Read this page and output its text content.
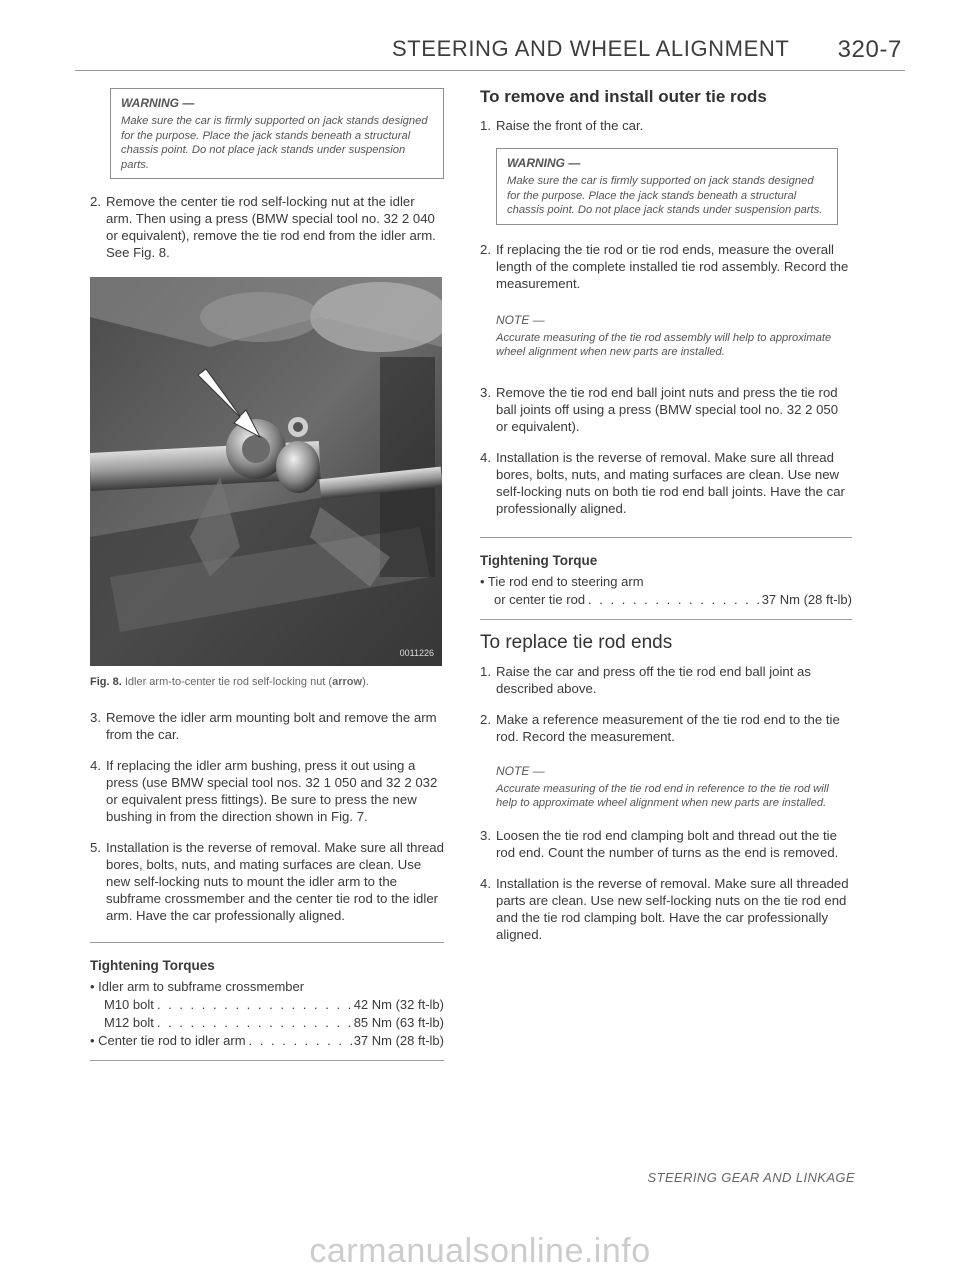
STEERING AND WHEEL ALIGNMENT 320-7
WARNING —
Make sure the car is firmly supported on jack stands designed for the purpose. Place the jack stands beneath a structural chassis point. Do not place jack stands under suspension parts.

2. Remove the center tie rod self-locking nut at the idler arm. Then using a press (BMW special tool no. 32 2 040 or equivalent), remove the tie rod end from the idler arm. See Fig. 8.

0011226
Fig. 8. Idler arm-to-center tie rod self-locking nut (arrow).

3. Remove the idler arm mounting bolt and remove the arm from the car.

4. If replacing the idler arm bushing, press it out using a press (use BMW special tool nos. 32 1 050 and 32 2 032 or equivalent press fittings). Be sure to press the new bushing in from the direction shown in Fig. 7.

5. Installation is the reverse of removal. Make sure all thread bores, bolts, nuts, and mating surfaces are clean. Use new self-locking nuts to mount the idler arm to the subframe crossmember and the center tie rod to the idler arm. Have the car professionally aligned.

Tightening Torques
• Idler arm to subframe crossmember
M10 bolt . . .	42 Nm (32 ft-lb)
M12 bolt . . .	85 Nm (63 ft-lb)
• Center tie rod to idler arm . . .	37 Nm (28 ft-lb)
To remove and install outer tie rods

1. Raise the front of the car.

WARNING —
Make sure the car is firmly supported on jack stands designed for the purpose. Place the jack stands beneath a structural chassis point. Do not place jack stands under suspension parts.

2. If replacing the tie rod or tie rod ends, measure the overall length of the complete installed tie rod assembly. Record the measurement.

NOTE —
Accurate measuring of the tie rod assembly will help to approximate wheel alignment when new parts are installed.

3. Remove the tie rod end ball joint nuts and press the tie rod ball joints off using a press (BMW special tool no. 32 2 050 or equivalent).

4. Installation is the reverse of removal. Make sure all thread bores, bolts, nuts, and mating surfaces are clean. Use new self-locking nuts on both tie rod end ball joints. Have the car professionally aligned.

Tightening Torque
• Tie rod end to steering arm
or center tie rod . . .	37 Nm (28 ft-lb)
To replace tie rod ends

1. Raise the car and press off the tie rod end ball joint as described above.

2. Make a reference measurement of the tie rod end to the tie rod. Record the measurement.

NOTE —
Accurate measuring of the tie rod end in reference to the tie rod will help to approximate wheel alignment when new parts are installed.

3. Loosen the tie rod end clamping bolt and thread out the tie rod end. Count the number of turns as the end is removed.

4. Installation is the reverse of removal. Make sure all threaded parts are clean. Use new self-locking nuts on the tie rod end and the tie rod clamping bolt. Have the car professionally aligned.

STEERING GEAR AND LINKAGE
carmanualsonline.info
